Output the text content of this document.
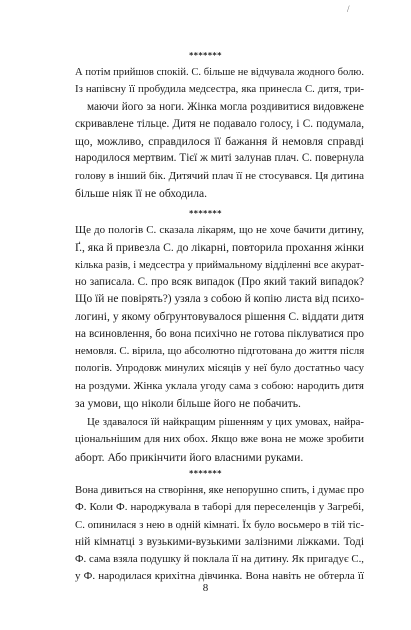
/
*******
А потім прийшов спокій. С. більше не відчувала жодного болю.
Із напівсну її пробудила медсестра, яка принесла С. дитя, три-
маючи його за ноги. Жінка могла роздивитися видовжене
скривавлене тільце. Дитя не подавало голосу, і С. подумала,
що, можливо, справдилося її бажання й немовля справді
народилося мертвим. Тієї ж миті залунав плач. С. повернула
голову в інший бік. Дитячий плач її не стосувався. Ця дитина
більше ніяк її не обходила.
*******
Ще до пологів С. сказала лікарям, що не хоче бачити дитину,
Ґ., яка й привезла С. до лікарні, повторила прохання жінки
кілька разів, і медсестра у приймальному відділенні все акурат-
но записала. С. про всяк випадок (Про який такий випадок?
Що їй не повірять?) узяла з собою й копію листа від психо-
логині, у якому обґрунтовувалося рішення С. віддати дитя
на всиновлення, бо вона психічно не готова піклуватися про
немовля. С. вірила, що абсолютно підготована до життя після
пологів. Упродовж минулих місяців у неї було достатньо часу
на роздуми. Жінка уклала угоду сама з собою: народить дитя
за умови, що ніколи більше його не побачить.
Це здавалося їй найкращим рішенням у цих умовах, найра-
ціональнішим для них обох. Якщо вже вона не може зробити
аборт. Або прикінчити його власними руками.
*******
Вона дивиться на створіння, яке непорушно спить, і думає про
Ф. Коли Ф. народжувала в таборі для переселенців у Загребі,
С. опинилася з нею в одній кімнаті. Їх було восьмеро в тій тіс-
ній кімнатці з вузькими-вузькими залізними ліжками. Тоді
Ф. сама взяла подушку й поклала її на дитину. Як пригадує С.,
у Ф. народилася крихітна дівчинка. Вона навіть не обтерла її
8
